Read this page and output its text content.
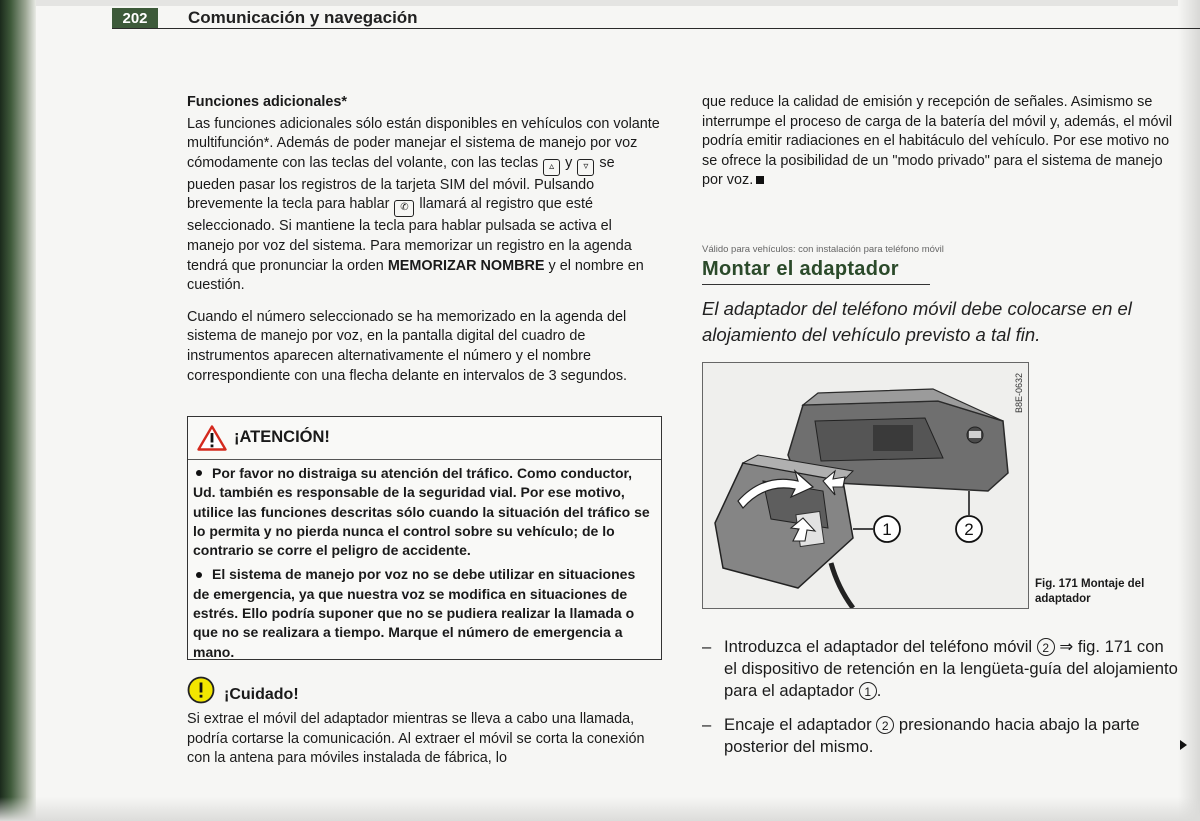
202	Comunicación y navegación
Funciones adicionales*

Las funciones adicionales sólo están disponibles en vehículos con volante multifunción*. Además de poder manejar el sistema de manejo por voz cómodamente con las teclas del volante, con las teclas ▵ y ▿ se pueden pasar los registros de la tarjeta SIM del móvil. Pulsando brevemente la tecla para hablar ✆ llamará al registro que esté seleccionado. Si mantiene la tecla para hablar pulsada se activa el manejo por voz del sistema. Para memorizar un registro en la agenda tendrá que pronunciar la orden MEMORIZAR NOMBRE y el nombre en cuestión.

Cuando el número seleccionado se ha memorizado en la agenda del sistema de manejo por voz, en la pantalla digital del cuadro de instrumentos aparecen alternativamente el número y el nombre correspondiente con una flecha delante en intervalos de 3 segundos.

¡ATENCIÓN!
Por favor no distraiga su atención del tráfico. Como conductor, Ud. también es responsable de la seguridad vial. Por ese motivo, utilice las funciones descritas sólo cuando la situación del tráfico se lo permita y no pierda nunca el control sobre su vehículo; de lo contrario se corre el peligro de accidente.
El sistema de manejo por voz no se debe utilizar en situaciones de emergencia, ya que nuestra voz se modifica en situaciones de estrés. Ello podría suponer que no se pudiera realizar la llamada o que no se realizara a tiempo. Marque el número de emergencia a mano.
¡Cuidado!
Si extrae el móvil del adaptador mientras se lleva a cabo una llamada, podría cortarse la comunicación. Al extraer el móvil se corta la conexión con la antena para móviles instalada de fábrica, lo

que reduce la calidad de emisión y recepción de señales. Asimismo se interrumpe el proceso de carga de la batería del móvil y, además, el móvil podría emitir radiaciones en el habitáculo del vehículo. Por ese motivo no se ofrece la posibilidad de un "modo privado" para el sistema de manejo por voz.

Válido para vehículos: con instalación para teléfono móvil
Montar el adaptador
El adaptador del teléfono móvil debe colocarse en el alojamiento del vehículo previsto a tal fin.
1	2
B8E-0632
Fig. 171 Montaje del adaptador
– Introduzca el adaptador del teléfono móvil 2 ⇒ fig. 171 con el dispositivo de retención en la lengüeta-guía del alojamiento para el adaptador 1 .
– Encaje el adaptador 2 presionando hacia abajo la parte posterior del mismo.
